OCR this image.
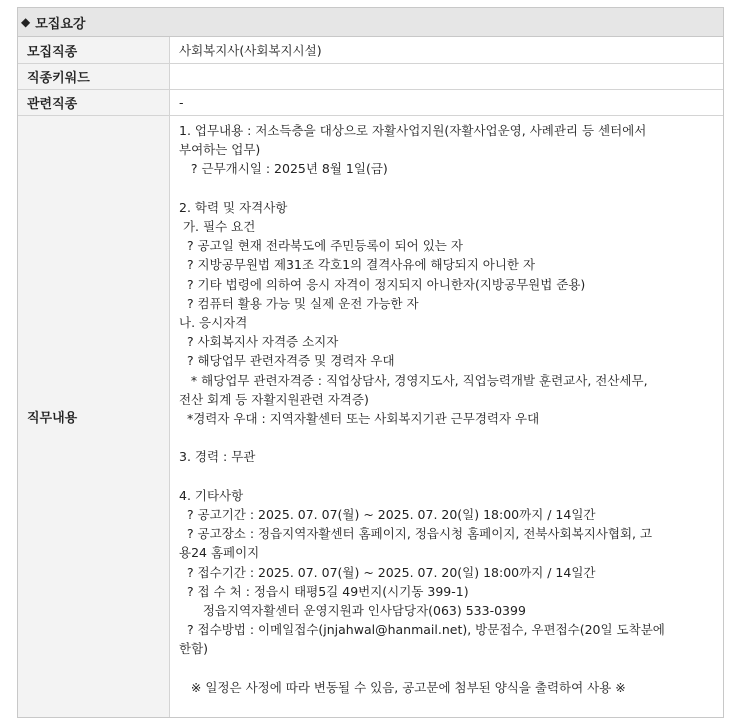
◆ 모집요강
모집직종	사회복지사(사회복지시설)
직종키워드
관련직종	-
직무내용
1. 업무내용 : 저소득층을 대상으로 자활사업지원(자활사업운영, 사례관리 등 센터에서
부여하는 업무)
? 근무개시일 : 2025년 8월 1일(금)
2. 학력 및 자격사항
가. 필수 요건
? 공고일 현재 전라북도에 주민등록이 되어 있는 자
? 지방공무원법 제31조 각호1의 결격사유에 해당되지 아니한 자
? 기타 법령에 의하여 응시 자격이 정지되지 아니한자(지방공무원법 준용)
? 컴퓨터 활용 가능 및 실제 운전 가능한 자
나. 응시자격
? 사회복지사 자격증 소지자
? 해당업무 관련자격증 및 경력자 우대
* 해당업무 관련자격증 : 직업상담사, 경영지도사, 직업능력개발 훈련교사, 전산세무,
전산 회계 등 자활지원관련 자격증)
*경력자 우대 : 지역자활센터 또는 사회복지기관 근무경력자 우대
3. 경력 : 무관
4. 기타사항
? 공고기간 : 2025. 07. 07(월) ~ 2025. 07. 20(일) 18:00까지 / 14일간
? 공고장소 : 정읍지역자활센터 홈페이지, 정읍시청 홈페이지, 전북사회복지사협회, 고
용24 홈페이지
? 접수기간 : 2025. 07. 07(월) ~ 2025. 07. 20(일) 18:00까지 / 14일간
? 접 수 처 : 정읍시 태평5길 49번지(시기동 399-1)
정읍지역자활센터 운영지원과 인사담당자(063) 533-0399
? 접수방법 : 이메일접수(jnjahwal@hanmail.net), 방문접수, 우편접수(20일 도착분에
한함)
※ 일정은 사정에 따라 변동될 수 있음, 공고문에 첨부된 양식을 출력하여 사용 ※
